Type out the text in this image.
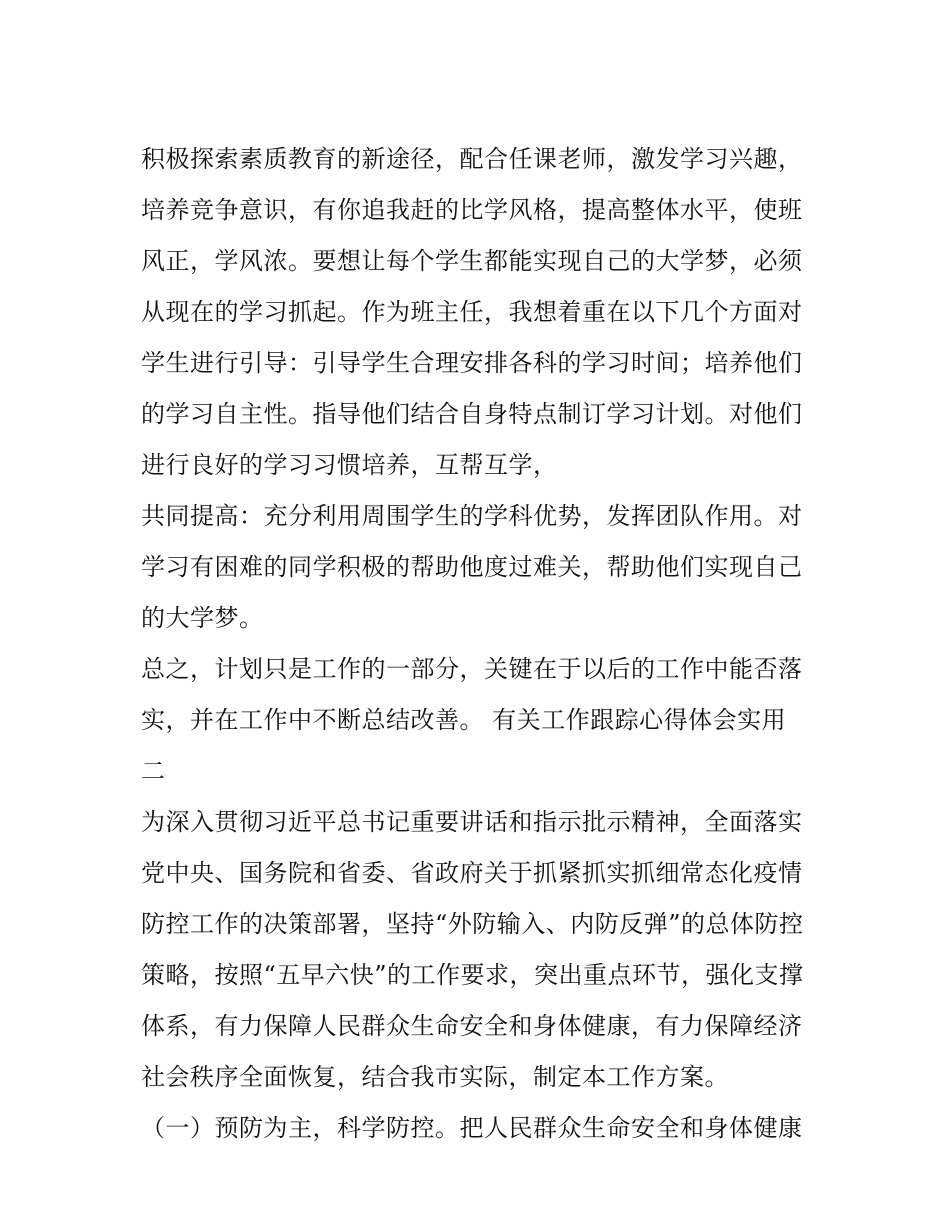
积极探索素质教育的新途径，配合任课老师，激发学习兴趣，
培养竞争意识，有你追我赶的比学风格，提高整体水平，使班
风正，学风浓。要想让每个学生都能实现自己的大学梦，必须
从现在的学习抓起。作为班主任，我想着重在以下几个方面对
学生进行引导：引导学生合理安排各科的学习时间；培养他们
的学习自主性。指导他们结合自身特点制订学习计划。对他们
进行良好的学习习惯培养，互帮互学，
共同提高：充分利用周围学生的学科优势，发挥团队作用。对
学习有困难的同学积极的帮助他度过难关，帮助他们实现自己
的大学梦。
总之，计划只是工作的一部分，关键在于以后的工作中能否落
实，并在工作中不断总结改善。 有关工作跟踪心得体会实用
二
为深入贯彻习近平总书记重要讲话和指示批示精神，全面落实
党中央、国务院和省委、省政府关于抓紧抓实抓细常态化疫情
防控工作的决策部署，坚持“外防输入、内防反弹”的总体防控
策略，按照“五早六快”的工作要求，突出重点环节，强化支撑
体系，有力保障人民群众生命安全和身体健康，有力保障经济
社会秩序全面恢复，结合我市实际，制定本工作方案。
（一）预防为主，科学防控。把人民群众生命安全和身体健康
